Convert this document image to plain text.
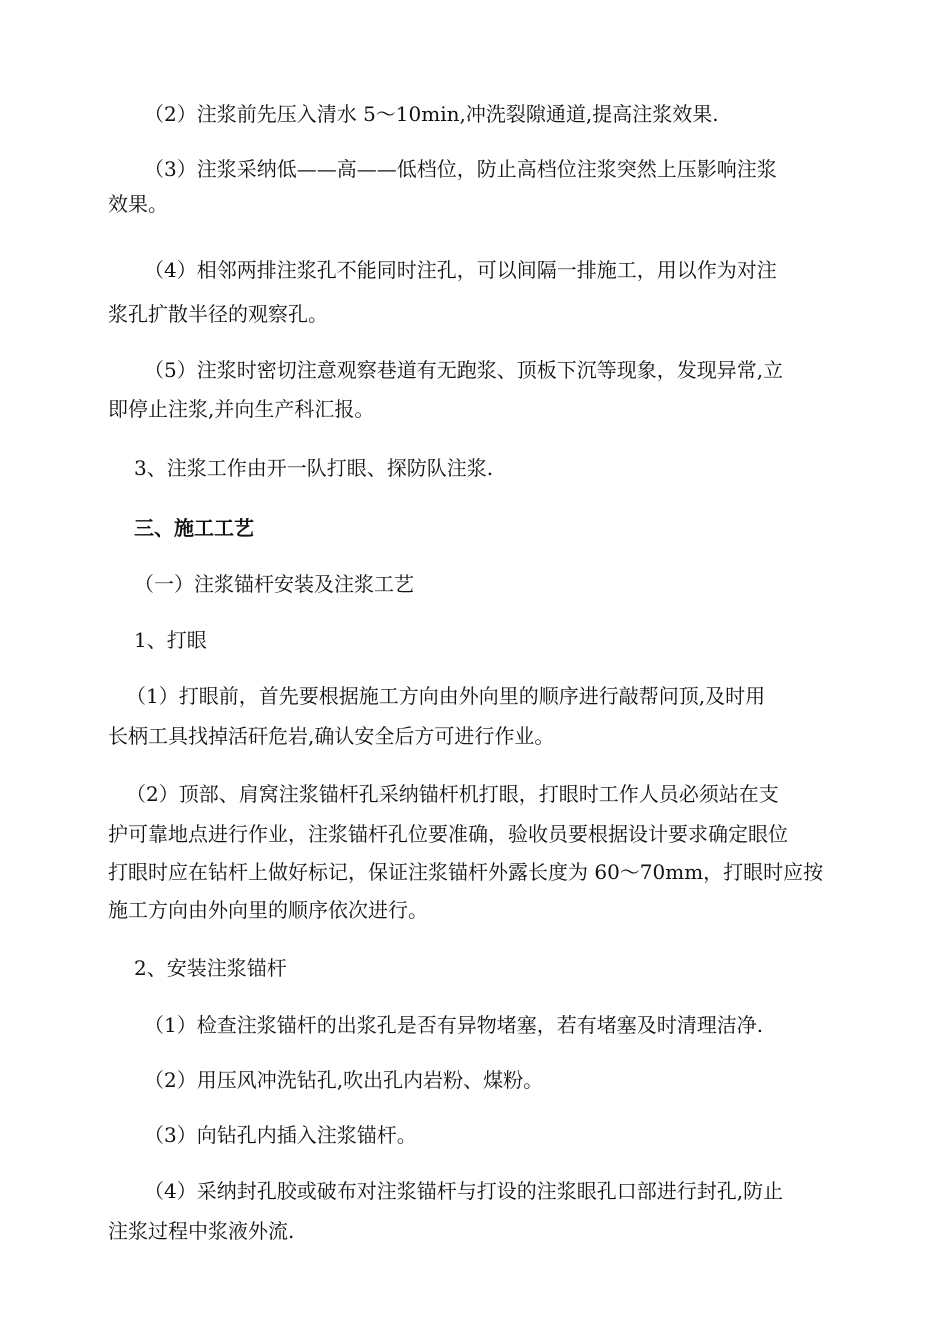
　（2）注浆前先压入清水 5～10min,冲洗裂隙通道,提高注浆效果.

　（3）注浆采纳低——高——低档位，防止高档位注浆突然上压影响注浆

效果。

　（4）相邻两排注浆孔不能同时注孔，可以间隔一排施工，用以作为对注

浆孔扩散半径的观察孔。

　（5）注浆时密切注意观察巷道有无跑浆、顶板下沉等现象，发现异常,立

即停止注浆,并向生产科汇报。

3、注浆工作由开一队打眼、探防队注浆.

三、施工工艺

（一）注浆锚杆安装及注浆工艺

1、打眼

（1）打眼前，首先要根据施工方向由外向里的顺序进行敲帮问顶,及时用

长柄工具找掉活矸危岩,确认安全后方可进行作业。

（2）顶部、肩窝注浆锚杆孔采纳锚杆机打眼，打眼时工作人员必须站在支

护可靠地点进行作业，注浆锚杆孔位要准确，验收员要根据设计要求确定眼位

打眼时应在钻杆上做好标记，保证注浆锚杆外露长度为 60～70mm，打眼时应按

施工方向由外向里的顺序依次进行。

2、安装注浆锚杆

　（1）检查注浆锚杆的出浆孔是否有异物堵塞，若有堵塞及时清理洁净.

　（2）用压风冲洗钻孔,吹出孔内岩粉、煤粉。

　（3）向钻孔内插入注浆锚杆。

　（4）采纳封孔胶或破布对注浆锚杆与打设的注浆眼孔口部进行封孔,防止

注浆过程中浆液外流.
